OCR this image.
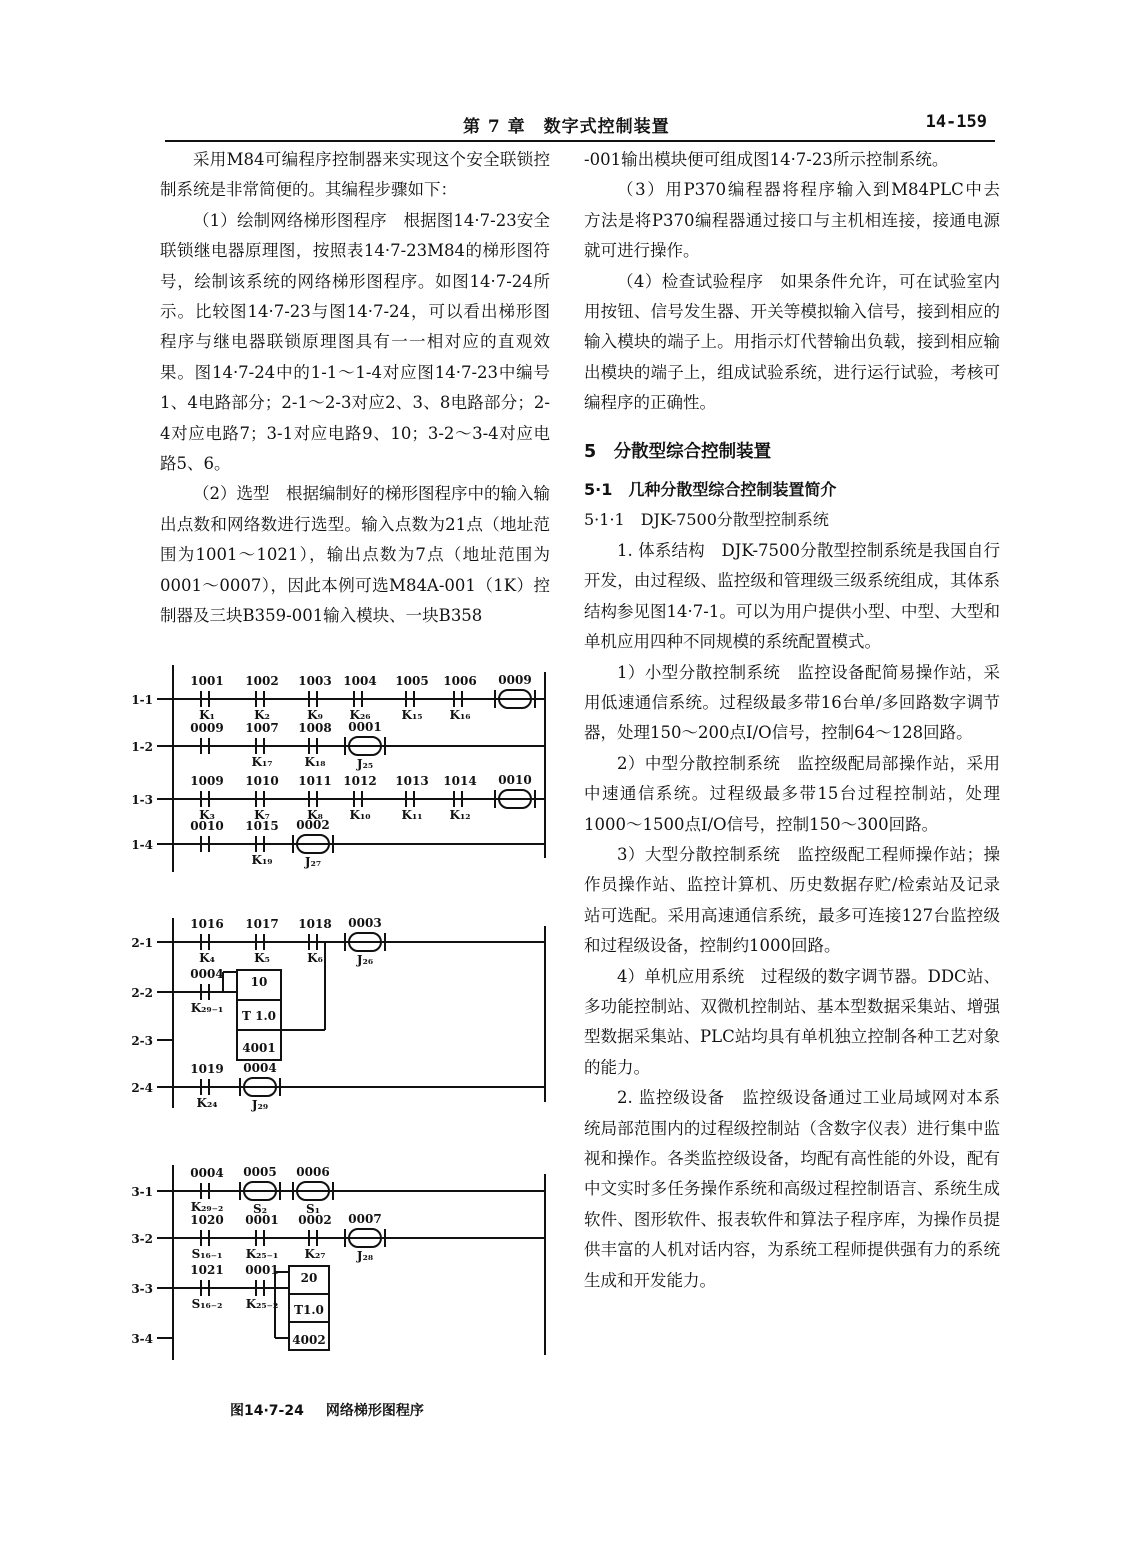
第 7 章　数字式控制装置	14-159

采用M84可编程序控制器来实现这个安全联锁控制系统是非常简便的。其编程步骤如下：

（1）绘制网络梯形图程序　 根据图14·7-23安全联锁继电器原理图，按照表14·7-23M84的梯形图符号，绘制该系统的网络梯形图程序。如图14·7-24所示。比较图14·7-23与图14·7-24，可以看出梯形图程序与继电器联锁原理图具有一一相对应的直观效果。图14·7-24中的1-1～1-4对应图14·7-23中编号1、4电路部分；2-1～2-3对应2、3、8电路部分；2-4对应电路7；3-1对应电路9、10；3-2～3-4对应电路5、6。

（2）选型　 根据编制好的梯形图程序中的输入输出点数和网络数进行选型。输入点数为21点（地址范围为1001～1021），输出点数为7点（地址范围为0001～0007），因此本例可选M84A-001（1K）控制器及三块B359-001输入模块、一块B358

-001输出模块便可组成图14·7-23所示控制系统。

（3）用P370编程器将程序输入到M84PLC中去　方法是将P370编程器通过接口与主机相连接，接通电源就可进行操作。

（4）检查试验程序　 如果条件允许，可在试验室内用按钮、信号发生器、开关等模拟输入信号，接到相应的输入模块的端子上。用指示灯代替输出负载，接到相应输出模块的端子上，组成试验系统，进行运行试验，考核可编程序的正确性。

5　分散型综合控制装置

5·1　几种分散型综合控制装置简介

5·1·1　DJK-7500分散型控制系统

1. 体系结构　DJK-7500分散型控制系统是我国自行开发，由过程级、监控级和管理级三级系统组成，其体系结构参见图14·7-1。可以为用户提供小型、中型、大型和单机应用四种不同规模的系统配置模式。

1）小型分散控制系统　 监控设备配简易操作站，采用低速通信系统。过程级最多带16台单/多回路数字调节器，处理150～200点I/O信号，控制64～128回路。

2）中型分散控制系统　 监控级配局部操作站，采用中速通信系统。过程级最多带15台过程控制站，处理1000～1500点I/O信号，控制150～300回路。

3）大型分散控制系统　 监控级配工程师操作站；操作员操作站、监控计算机、历史数据存贮/检索站及记录站可选配。采用高速通信系统，最多可连接127台监控级和过程级设备，控制约1000回路。

4）单机应用系统　 过程级的数字调节器。DDC站、多功能控制站、双微机控制站、基本型数据采集站、增强型数据采集站、PLC站均具有单机独立控制各种工艺对象的能力。

2. 监控级设备　 监控级设备通过工业局域网对本系统局部范围内的过程级控制站（含数字仪表）进行集中监视和操作。各类监控级设备，均配有高性能的外设，配有中文实时多任务操作系统和高级过程控制语言、系统生成软件、图形软件、报表软件和算法子程序库，为操作员提供丰富的人机对话内容，为系统工程师提供强有力的系统生成和开发能力。

1-1
1-2
1-3
1-4
1001
K₁
1002
K₂
1003
K₉
1004
K₂₆
1005
K₁₅
1006
K₁₆
0009
0009 1007
K₁₇
1008
K₁₈
0001
J₂₅
1009
K₃
1010
K₇
1011
K₈
1012
K₁₀
1013
K₁₁
1014
K₁₂
0010
0010 1015
K₁₉
0002
J₂₇
2-1
2-2
2-3
2-4
1016
K₄
1017
K₅
1018
K₆
0003
J₂₆
0004
K₂₉₋₁
10
T 1.0
4001
1019
K₂₄
0004
J₂₉
3-1
3-2
3-3
3-4
0004
K₂₉₋₂
0005
S₂
0006
S₁
1020
S₁₆₋₁
0001
K₂₅₋₁
0002
K₂₇
0007
J₂₈
1021
S₁₆₋₂
0001
K₂₅₋₂
20
T1.0
4002
图14·7-24 网络梯形图程序
